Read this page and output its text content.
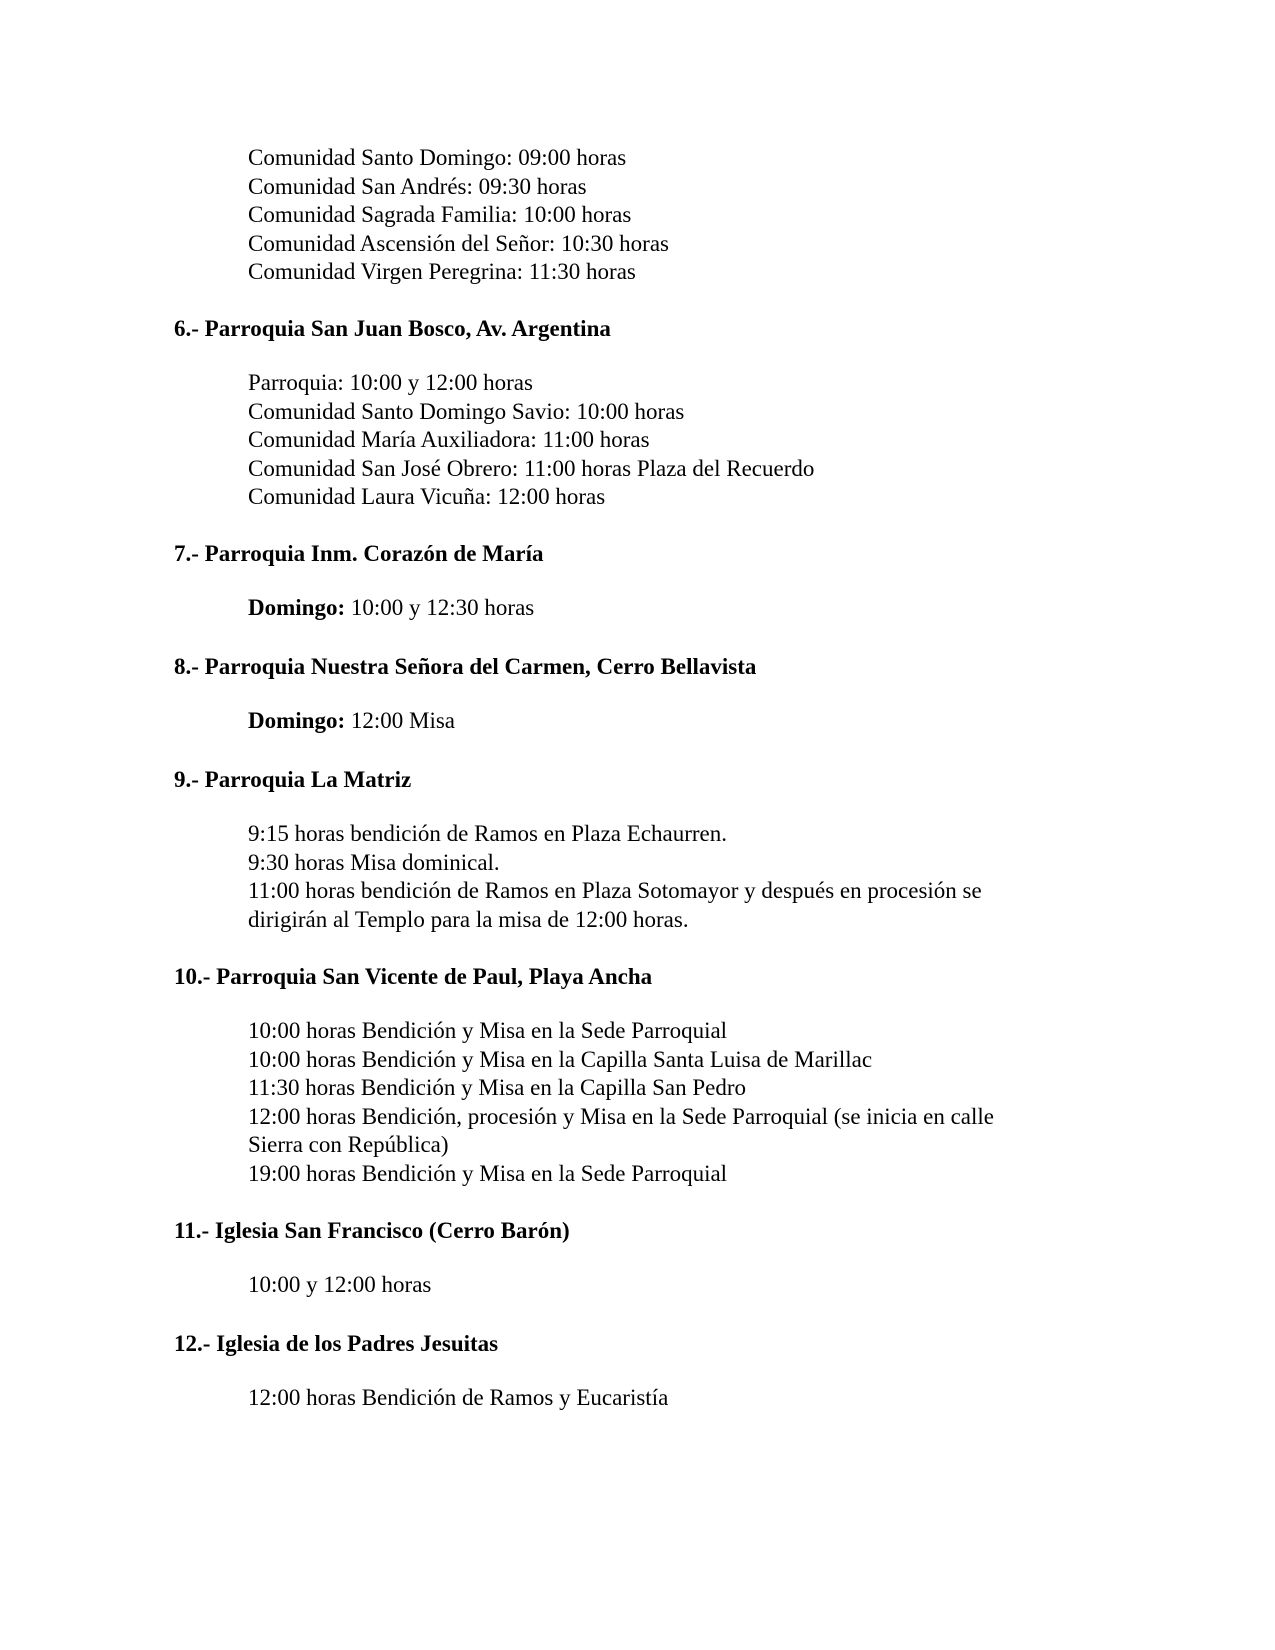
Comunidad Santo Domingo: 09:00 horas
Comunidad San Andrés: 09:30 horas
Comunidad Sagrada Familia: 10:00 horas
Comunidad Ascensión del Señor: 10:30 horas
Comunidad Virgen Peregrina: 11:30 horas
6.- Parroquia San Juan Bosco, Av. Argentina
Parroquia: 10:00 y 12:00 horas
Comunidad Santo Domingo Savio: 10:00 horas
Comunidad María Auxiliadora: 11:00 horas
Comunidad San José Obrero: 11:00 horas Plaza del Recuerdo
Comunidad Laura Vicuña: 12:00 horas
7.- Parroquia Inm. Corazón de María
Domingo: 10:00 y 12:30 horas
8.- Parroquia Nuestra Señora del Carmen, Cerro Bellavista
Domingo: 12:00 Misa
9.- Parroquia La Matriz
9:15 horas bendición de Ramos en Plaza Echaurren.
9:30 horas Misa dominical.
11:00 horas bendición de Ramos en Plaza Sotomayor y después en procesión se
dirigirán al Templo para la misa de 12:00 horas.
10.- Parroquia San Vicente de Paul, Playa Ancha
10:00 horas Bendición y Misa en la Sede Parroquial
10:00 horas Bendición y Misa en la Capilla Santa Luisa de Marillac
11:30 horas Bendición y Misa en la Capilla San Pedro
12:00 horas Bendición, procesión y Misa en la Sede Parroquial (se inicia en calle
Sierra con República)
19:00 horas Bendición y Misa en la Sede Parroquial
11.- Iglesia San Francisco (Cerro Barón)
10:00 y 12:00 horas
12.- Iglesia de los Padres Jesuitas
12:00 horas Bendición de Ramos y Eucaristía
